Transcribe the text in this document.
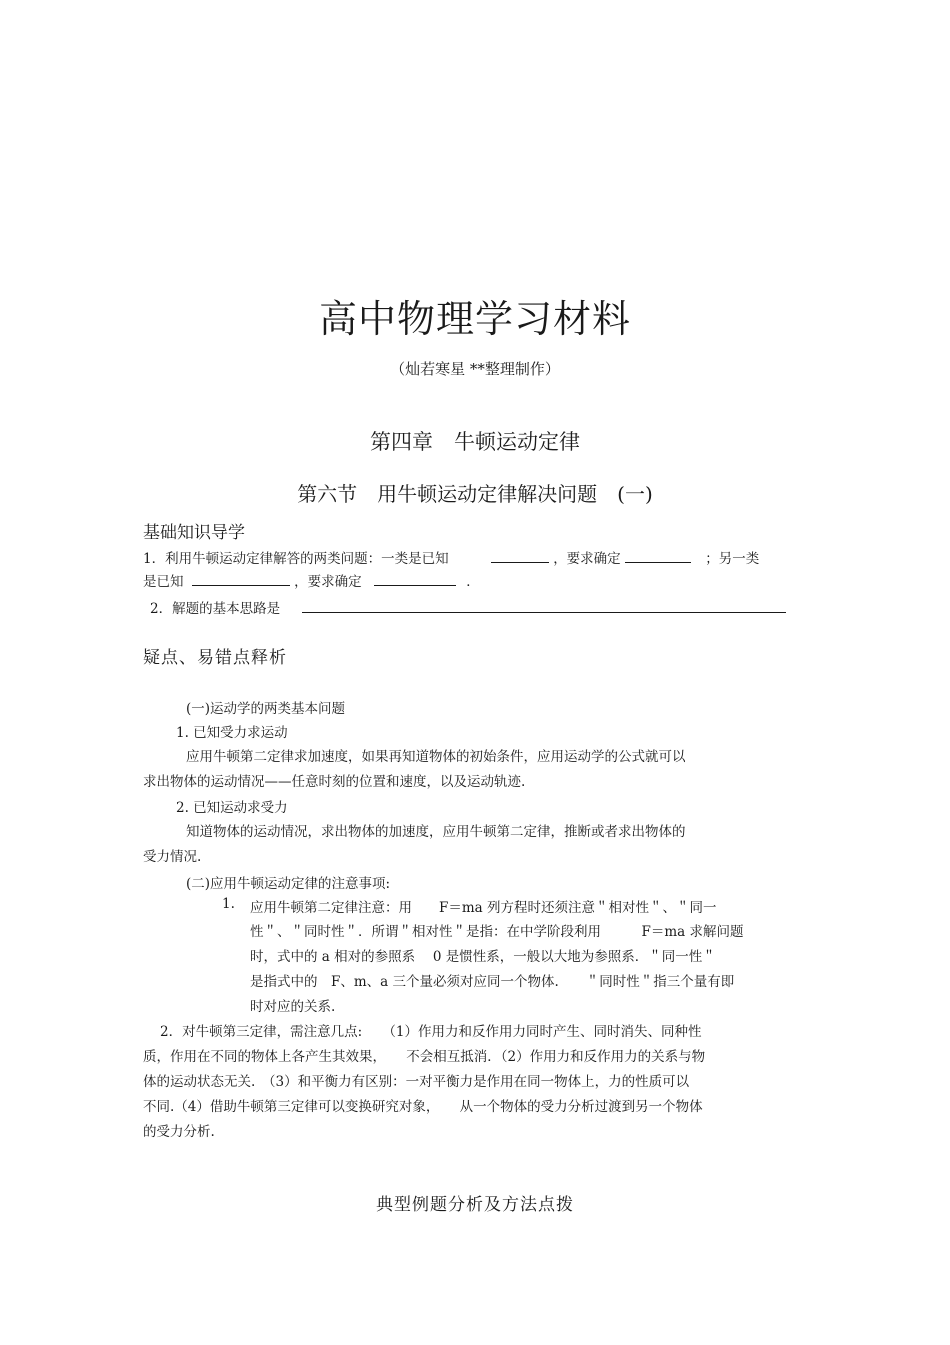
高中物理学习材料
（灿若寒星 **整理制作）
第四章　牛顿运动定律
第六节　用牛顿运动定律解决问题　(一)
基础知识导学
1．利用牛顿运动定律解答的两类问题：一类是已知	，要求确定	；另一类
是已知	，要求确定	．
2．解题的基本思路是
疑点、易错点释析
(一)运动学的两类基本问题
1. 已知受力求运动
应用牛顿第二定律求加速度，如果再知道物体的初始条件，应用运动学的公式就可以
求出物体的运动情况——任意时刻的位置和速度，以及运动轨迹.
2. 已知运动求受力
知道物体的运动情况，求出物体的加速度，应用牛顿第二定律，推断或者求出物体的
受力情况.
(二)应用牛顿运动定律的注意事项:
1. 应用牛顿第二定律注意：用　　F＝ma 列方程时还须注意＂相对性＂、＂同一
性＂、＂同时性＂．所谓＂相对性＂是指：在中学阶段利用　　　F＝ma 求解问题
时，式中的 a 相对的参照系　 0 是惯性系，一般以大地为参照系．＂同一性＂
是指式中的　F、m、a 三个量必须对应同一个物体.　　＂同时性＂指三个量有即
时对应的关系.
2．对牛顿第三定律，需注意几点:　　（1）作用力和反作用力同时产生、同时消失、同种性
质，作用在不同的物体上各产生其效果，　　不会相互抵消．（2）作用力和反作用力的关系与物
体的运动状态无关.　（3）和平衡力有区别：一对平衡力是作用在同一物体上，力的性质可以
不同.（4）借助牛顿第三定律可以变换研究对象，　　从一个物体的受力分析过渡到另一个物体
的受力分析.
典型例题分析及方法点拨
